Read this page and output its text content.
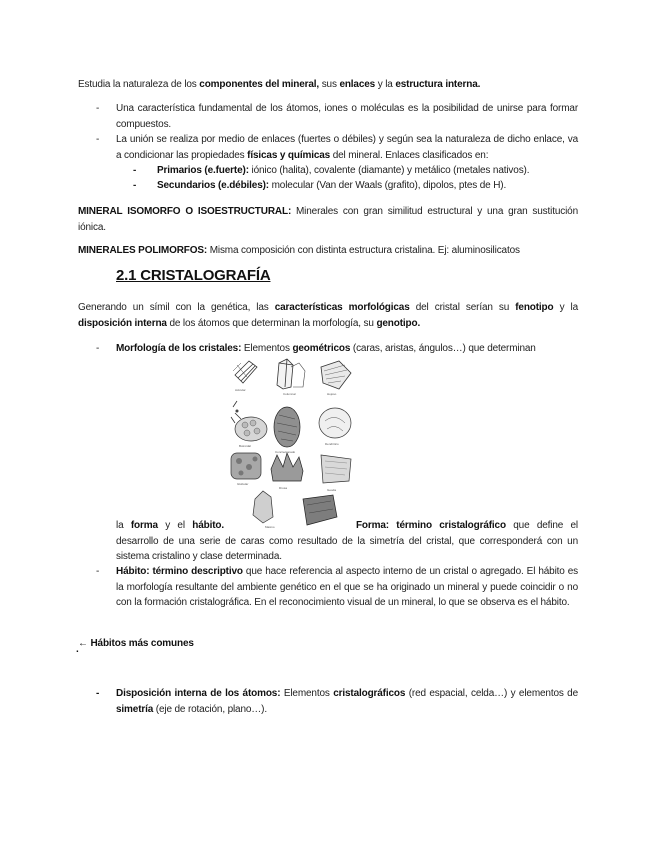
Estudia la naturaleza de los componentes del mineral, sus enlaces y la estructura interna.
-	Una característica fundamental de los átomos, iones o moléculas es la posibilidad de unirse para formar compuestos.
-	La unión se realiza por medio de enlaces (fuertes o débiles) y según sea la naturaleza de dicho enlace, va a condicionar las propiedades físicas y químicas del mineral. Enlaces clasificados en:
- Primarios (e.fuerte): iónico (halita), covalente (diamante) y metálico (metales nativos).
- Secundarios (e.débiles): molecular (Van der Waals (grafito), dipolos, ptes de H).
MINERAL ISOMORFO O ISOESTRUCTURAL: Minerales con gran similitud estructural y una gran sustitución iónica.
MINERALES POLIMORFOS: Misma composición con distinta estructura cristalina. Ej: aluminosilicatos
2.1 CRISTALOGRAFÍA
Generando un símil con la genética, las características morfológicas del cristal serían su fenotipo y la disposición interna de los átomos que determinan la morfología, su genotipo.
-	Morfología de los cristales: Elementos geométricos (caras, aristas, ángulos…) que determinan
Acicular
Columnar	Hojoso
Botroidal
Concrecionado
Dendrítico
Globular
Drusa	Geoda
Masivo
la forma y el hábito.	Forma: término cristalográfico que define el desarrollo de una serie de caras como resultado de la simetría del cristal, que corresponderá con un sistema cristalino y clase determinada.
-	Hábito: término descriptivo que hace referencia al aspecto interno de un cristal o agregado. El hábito es la morfología resultante del ambiente genético en el que se ha originado un mineral y puede coincidir o no con la formación cristalográfica. En el reconocimiento visual de un mineral, lo que se observa es el hábito.
.
← Hábitos más comunes
-	Disposición interna de los átomos: Elementos cristalográficos (red espacial, celda…) y elementos de simetría (eje de rotación, plano…).
